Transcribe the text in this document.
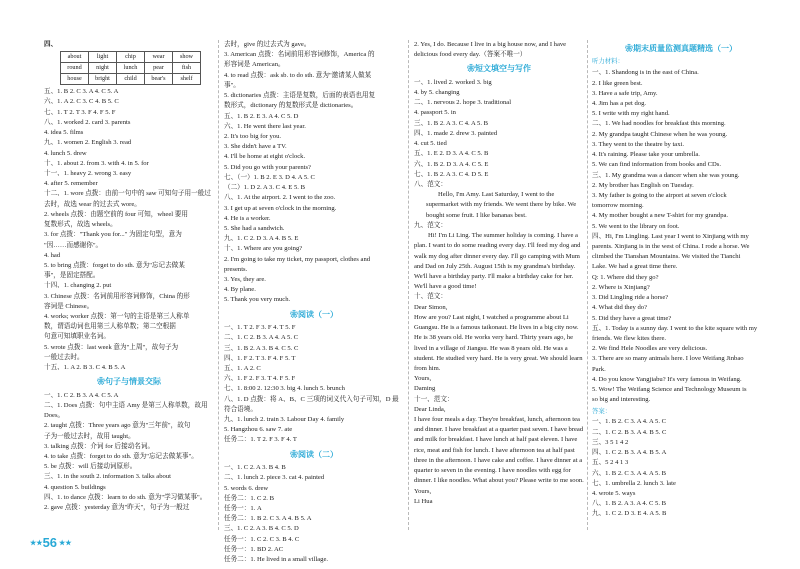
四、
about	light	chip	wear	show
round	night	lunch	pear	fish
house	bright	child	bear's	shelf
五、1. B 2. C 3. A 4. C 5. A
六、1. A 2. C 3. C 4. B 5. C
七、1. T 2. T 3. F 4. F 5. F
八、1. worked 2. card 3. parents
4. idea 5. films
九、1. women 2. English 3. read
4. lunch 5. drew
十、1. about 2. from 3. with 4. in 5. for
十一、1. heavy 2. wrong 3. easy
4. after 5. remember
十二、1. wore 点拨：由前一句中的 saw 可知句子用一般过
去时，故选 wear 的过去式 wore。
2. wheels 点拨：由题空前的 four 可知，wheel 要用
复数形式，故选 wheels。
3. for 点拨："Thank you for..." 为固定句型，意为
"因……而感谢你"。
4. had
5. to bring 点拨：forget to do sth. 意为"忘记去做某
事"，是固定搭配。
十四、1. changing 2. put
3. Chinese 点拨：名词前用形容词修饰，China 的形
容词是 Chinese。
4. works; worker 点拨：第一句的主语是第三人称单
数，谓语动词也用第三人称单数；第二空根据
句意可知填职业名词。
5. wrote 点拨：last week 意为"上周"，故句子为
一般过去时。
十五、1. A 2. B 3. C 4. B 5. A
❀ 句子与情景交际
一、1. C 2. B 3. A 4. C 5. A
二、1. Does 点拨：句中主语 Amy 是第三人称单数，故用
Does。
2. taught 点拨：Three years ago 意为"三年前"，故句
子为一般过去时，故用 taught。
3. talking 点拨：介词 for 后接动名词。
4. to take 点拨：forget to do sth. 意为"忘记去做某事"。
5. be 点拨：will 后接动词原形。
三、1. in the south 2. information 3. talks about
4. question 5. buildings
四、1. to dance 点拨：learn to do sth. 意为"学习做某事"。
2. gave 点拨：yesterday 意为"昨天"，句子为一般过
去时，give 的过去式为 gave。
3. American 点拨：名词前用形容词修饰，America 的
形容词是 American。
4. to read 点拨：ask sb. to do sth. 意为"邀请某人做某
事"。
5. dictionaries 点拨：主语是复数，后面的表语也用复
数形式，dictionary 的复数形式是 dictionaries。
五、1. B 2. E 3. A 4. C 5. D
六、1. He went there last year.
2. It's too big for you.
3. She didn't have a TV.
4. I'll be home at eight o'clock.
5. Did you go with your parents?
七、（一）1. B 2. E 3. D 4. A 5. C
（二）1. D 2. A 3. C 4. E 5. B
八、1. At the airport. 2. I went to the zoo.
3. I get up at seven o'clock in the morning.
4. He is a worker.
5. She had a sandwich.
九、1. C 2. D 3. A 4. B 5. E
十、1. Where are you going?
2. I'm going to take my ticket, my passport, clothes and
presents.
3. Yes, they are.
4. By plane.
5. Thank you very much.
❀ 阅读（一）
一、1. T 2. F 3. F 4. T 5. F
二、1. C 2. B 3. A 4. A 5. C
三、1. B 2. A 3. B 4. C 5. C
四、1. F 2. T 3. F 4. F 5. T
五、1. A 2. C
六、1. F 2. F 3. T 4. F 5. F
七、1. 8:00 2. 12:30 3. big 4. lunch 5. brunch
八、1. D 点拨：将 A、B、C 三项的词义代入句子可知，D 最
符合语境。
九、1. lunch 2. train 3. Labour Day 4. family
5. Hangzhou 6. saw 7. ate
任务二：1. T 2. F 3. F 4. T
❀ 阅读（二）
一、1. C 2. A 3. B 4. B
二、1. lunch 2. piece 3. cat 4. painted
5. words 6. drew
任务二：1. C 2. B
任务一：1. A
任务二：1. B 2. C 3. A 4. B 5. A
三、1. C 2. A 3. B 4. C 5. D
任务一：1. C 2. C 3. B 4. C
任务一：1. BD 2. AC
任务二：1. He lived in a small village.
2. Yes, I do. Because I live in a big house now, and I have
delicious food every day.（答案不唯一）
❀ 短文填空与写作
一、1. lived 2. worked 3. big
4. by 5. changing
二、1. nervous 2. hope 3. traditional
4. passport 5. in
三、1. B 2. A 3. C 4. A 5. B
四、1. made 2. drew 3. painted
4. cut 5. tied
五、1. E 2. D 3. A 4. C 5. B
六、1. B 2. D 3. A 4. C 5. E
七、1. B 2. A 3. C 4. D 5. E
八、范文：

Hello, I'm Amy. Last Saturday, I went to the supermarket with my friends. We went there by bike. We bought some fruit. I like bananas best.

九、范文：

Hi! I'm Li Ling. The summer holiday is coming. I have a plan. I want to do some reading every day. I'll feed my dog and walk my dog after dinner every day. I'll go camping with Mum and Dad on July 25th. August 15th is my grandma's birthday. We'll have a birthday party. I'll make a birthday cake for her. We'll have a good time!

十、范文：
Dear Simon,

How are you? Last night, I watched a programme about Li Guangsu. He is a famous taikonaut. He lives in a big city now. He is 38 years old. He works very hard. Thirty years ago, he lived in a village of Jiangsu. He was 8 years old. He was a student. He studied very hard. He is very great. We should learn from him.

Yours,
Daming
十一、范文：
Dear Linda,

I have four meals a day. They're breakfast, lunch, afternoon tea and dinner. I have breakfast at a quarter past seven. I have bread and milk for breakfast. I have lunch at half past eleven. I have rice, meat and fish for lunch. I have afternoon tea at half past three in the afternoon. I have cake and coffee. I have dinner at a quarter to seven in the evening. I have noodles with egg for dinner. I like noodles. What about you? Please write to me soon.

Yours,
Li Hua
❀ 期末质量监测真题精选（一）
听力材料：
一、1. Shandong is in the east of China.
2. I like green best.
3. Have a safe trip, Amy.
4. Jim has a pet dog.
5. I write with my right hand.
二、1. We had noodles for breakfast this morning.
2. My grandpa taught Chinese when he was young.
3. They went to the theatre by taxi.
4. It's raining. Please take your umbrella.
5. We can find information from books and CDs.
三、1. My grandma was a dancer when she was young.
2. My brother has English on Tuesday.
3. My father is going to the airport at seven o'clock
tomorrow morning.
4. My mother bought a new T-shirt for my grandpa.
5. We went to the library on foot.
四、Hi, I'm Lingling. Last year I went to Xinjiang with my
parents. Xinjiang is in the west of China. I rode a horse. We
climbed the Tianshan Mountains. We visited the Tianchi
Lake. We had a great time there.
Q: 1. Where did they go?
2. Where is Xinjiang?
3. Did Lingling ride a horse?
4. What did they do?
5. Did they have a great time?
五、1. Today is a sunny day. I went to the kite square with my
friends. We flew kites there.
2. We find Hele Noodles are very delicious.
3. There are so many animals here. I love Weifang Jinbao
Park.
4. Do you know Yangjiabu? It's very famous in Weifang.
5. Wow! The Weifang Science and Technology Museum is
so big and interesting.
答案：
一、1. B 2. C 3. A 4. A 5. C
二、1. C 2. B 3. A 4. B 5. C
三、3 5 1 4 2
四、1. C 2. B 3. A 4. B 5. A
五、5 2 4 1 3
六、1. B 2. C 3. A 4. A 5. B
七、1. umbrella 2. lunch 3. late
4. wrote 5. ways
八、1. B 2. A 3. A 4. C 5. B
九、1. C 2. D 3. E 4. A 5. B
★★ 56 ★★
